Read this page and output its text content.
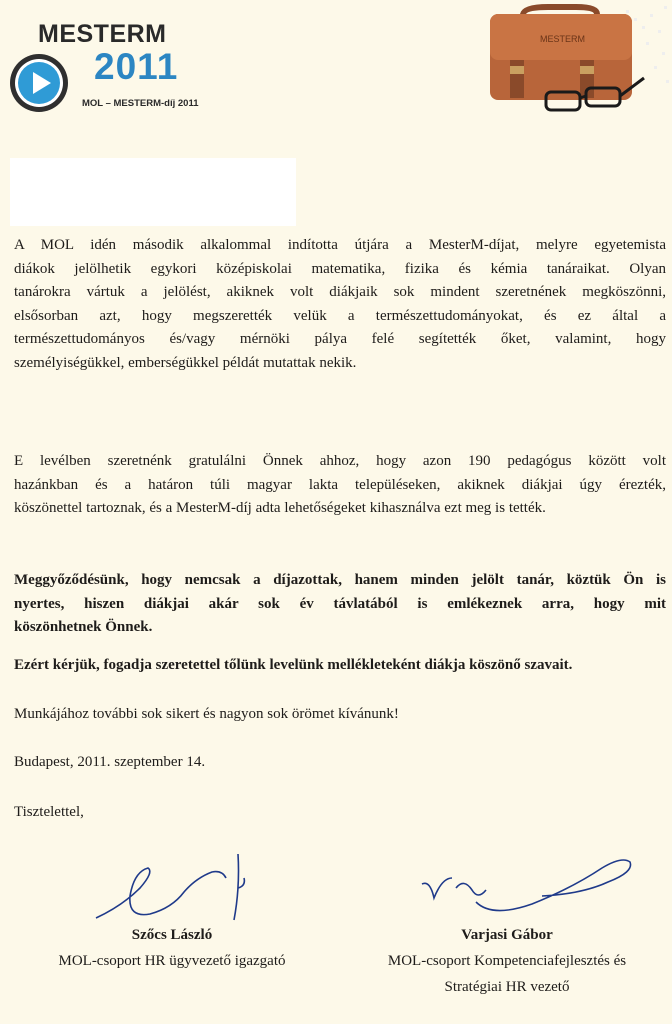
MESTERM
2011
MOL – MESTERM-díj 2011
MESTERM
A MOL idén második alkalommal indította útjára a MesterM-díjat, melyre egyetemista
diákok jelölhetik egykori középiskolai matematika, fizika és kémia tanáraikat. Olyan
tanárokra vártuk a jelölést, akiknek volt diákjaik sok mindent szeretnének megköszönni,
elsősorban azt, hogy megszerették velük a természettudományokat, és ez által a
természettudományos és/vagy mérnöki pálya felé segítették őket, valamint, hogy
személyiségükkel, emberségükkel példát mutattak nekik.
E levélben szeretnénk gratulálni Önnek ahhoz, hogy azon 190 pedagógus között volt
hazánkban és a határon túli magyar lakta településeken, akiknek diákjai úgy érezték,
köszönettel tartoznak, és a MesterM-díj adta lehetőségeket kihasználva ezt meg is tették.
Meggyőződésünk, hogy nemcsak a díjazottak, hanem minden jelölt tanár, köztük Ön is
nyertes, hiszen diákjai akár sok év távlatából is emlékeznek arra, hogy mit
köszönhetnek Önnek.
Ezért kérjük, fogadja szeretettel tőlünk levelünk mellékleteként diákja köszönő szavait.
Munkájához további sok sikert és nagyon sok örömet kívánunk!
Budapest, 2011. szeptember 14.
Tisztelettel,
Szőcs László
MOL-csoport HR ügyvezető igazgató
Varjasi Gábor
MOL-csoport Kompetenciafejlesztés és
Stratégiai HR vezető
